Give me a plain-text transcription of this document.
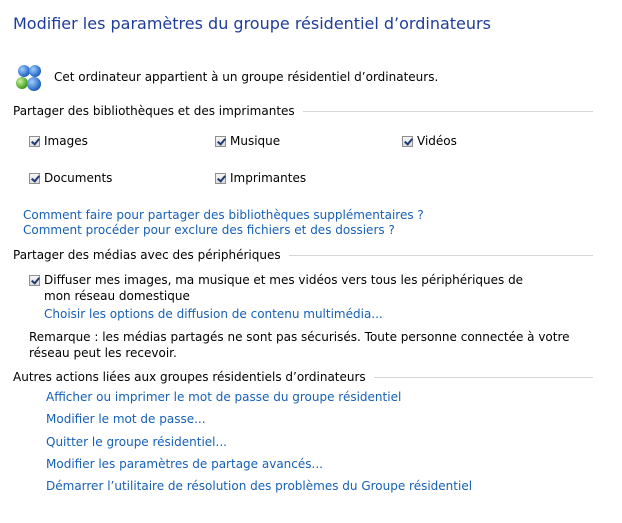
Modifier les paramètres du groupe résidentiel d’ordinateurs
Cet ordinateur appartient à un groupe résidentiel d’ordinateurs.
Partager des bibliothèques et des imprimantes
Images	Musique	Vidéos
Documents	Imprimantes
Comment faire pour partager des bibliothèques supplémentaires ?
Comment procéder pour exclure des fichiers et des dossiers ?
Partager des médias avec des périphériques
Diffuser mes images, ma musique et mes vidéos vers tous les périphériques de mon réseau domestique
Choisir les options de diffusion de contenu multimédia...
Remarque : les médias partagés ne sont pas sécurisés. Toute personne connectée à votre réseau peut les recevoir.
Autres actions liées aux groupes résidentiels d’ordinateurs
Afficher ou imprimer le mot de passe du groupe résidentiel
Modifier le mot de passe...
Quitter le groupe résidentiel...
Modifier les paramètres de partage avancés...
Démarrer l’utilitaire de résolution des problèmes du Groupe résidentiel
